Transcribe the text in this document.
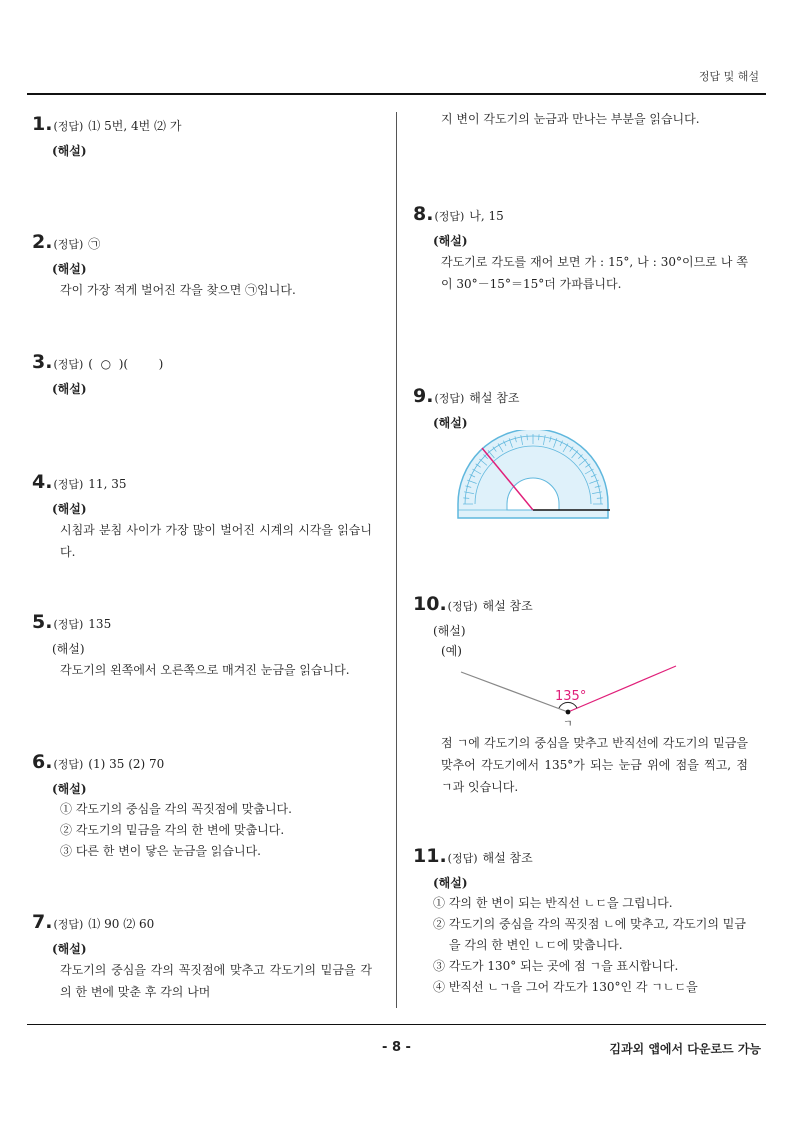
정답 및 해설
1. (정답) ⑴ 5번, 4번 ⑵ 가
(해설)
2. (정답) ㉠
(해설)
각이 가장 적게 벌어진 각을 찾으면 ㉠입니다.
3. (정답) (  ○  )(        )
(해설)
4. (정답) 11, 35
(해설)
시침과 분침 사이가 가장 많이 벌어진 시계의 시각을 읽습니다.
5. (정답) 135
(해설)
각도기의 왼쪽에서 오른쪽으로 매겨진 눈금을 읽습니다.
6. (정답) (1) 35 (2) 70
(해설)
① 각도기의 중심을 각의 꼭짓점에 맞춥니다.
② 각도기의 밑금을 각의 한 변에 맞춥니다.
③ 다른 한 변이 닿은 눈금을 읽습니다.
7. (정답) ⑴ 90 ⑵ 60
(해설)
각도기의 중심을 각의 꼭짓점에 맞추고 각도기의 밑금을 각의 한 변에 맞춘 후 각의 나머
지 변이 각도기의 눈금과 만나는 부분을 읽습니다.
8. (정답) 나, 15
(해설)
각도기로 각도를 재어 보면 가 : 15°, 나 : 30°이므로 나 쪽이 30°－15°＝15°더 가파릅니다.
9. (정답) 해설 참조
(해설)
10. (정답) 해설 참조
(해설)
(예)
135°
ㄱ
점 ㄱ에 각도기의 중심을 맞추고 반직선에 각도기의 밑금을 맞추어 각도기에서 135°가 되는 눈금 위에 점을 찍고, 점 ㄱ과 잇습니다.
11. (정답) 해설 참조
(해설)
① 각의 한 변이 되는 반직선 ㄴㄷ을 그립니다.
② 각도기의 중심을 각의 꼭짓점 ㄴ에 맞추고, 각도기의 밑금을 각의 한 변인 ㄴㄷ에 맞춥니다.
③ 각도가 130° 되는 곳에 점 ㄱ을 표시합니다.
④ 반직선 ㄴㄱ을 그어 각도가 130°인 각 ㄱㄴㄷ을
- 8 -	김과외 앱에서 다운로드 가능
